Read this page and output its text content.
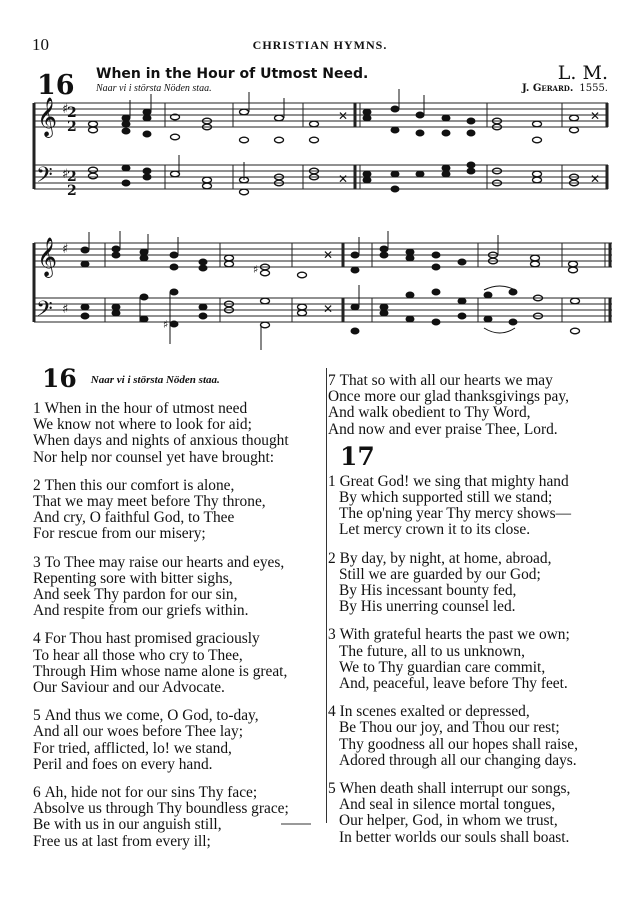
10	CHRISTIAN HYMNS.
16 When in the Hour of Utmost Need.
Naar vi i största Nöden staa.
L. M.
J. Gerard. 1555.
𝄞 ♯
2
2
𝄢 ♯
2
2
𝄞 ♯
𝄢 ♯
✕
✕
✕
✕
✕
✕
♯
♯
16 $^{Naar vi i största Nöden staa.}$
1 When in the hour of utmost need
We know not where to look for aid;
When days and nights of anxious thought
Nor help nor counsel yet have brought:
2 Then this our comfort is alone,
That we may meet before Thy throne,
And cry, O faithful God, to Thee
For rescue from our misery;
3 To Thee may raise our hearts and eyes,
Repenting sore with bitter sighs,
And seek Thy pardon for our sin,
And respite from our griefs within.
4 For Thou hast promised graciously
To hear all those who cry to Thee,
Through Him whose name alone is great,
Our Saviour and our Advocate.
5 And thus we come, O God, to-day,
And all our woes before Thee lay;
For tried, afflicted, lo! we stand,
Peril and foes on every hand.
6 Ah, hide not for our sins Thy face;
Absolve us through Thy boundless grace;
Be with us in our anguish still,
Free us at last from every ill;
7 That so with all our hearts we may
Once more our glad thanksgivings pay,
And walk obedient to Thy Word,
And now and ever praise Thee, Lord.
17
1 Great God! we sing that mighty hand
By which supported still we stand;
The op'ning year Thy mercy shows—
Let mercy crown it to its close.
2 By day, by night, at home, abroad,
Still we are guarded by our God;
By His incessant bounty fed,
By His unerring counsel led.
3 With grateful hearts the past we own;
The future, all to us unknown,
We to Thy guardian care commit,
And, peaceful, leave before Thy feet.
4 In scenes exalted or depressed,
Be Thou our joy, and Thou our rest;
Thy goodness all our hopes shall raise,
Adored through all our changing days.
5 When death shall interrupt our songs,
And seal in silence mortal tongues,
Our helper, God, in whom we trust,
In better worlds our souls shall boast.
